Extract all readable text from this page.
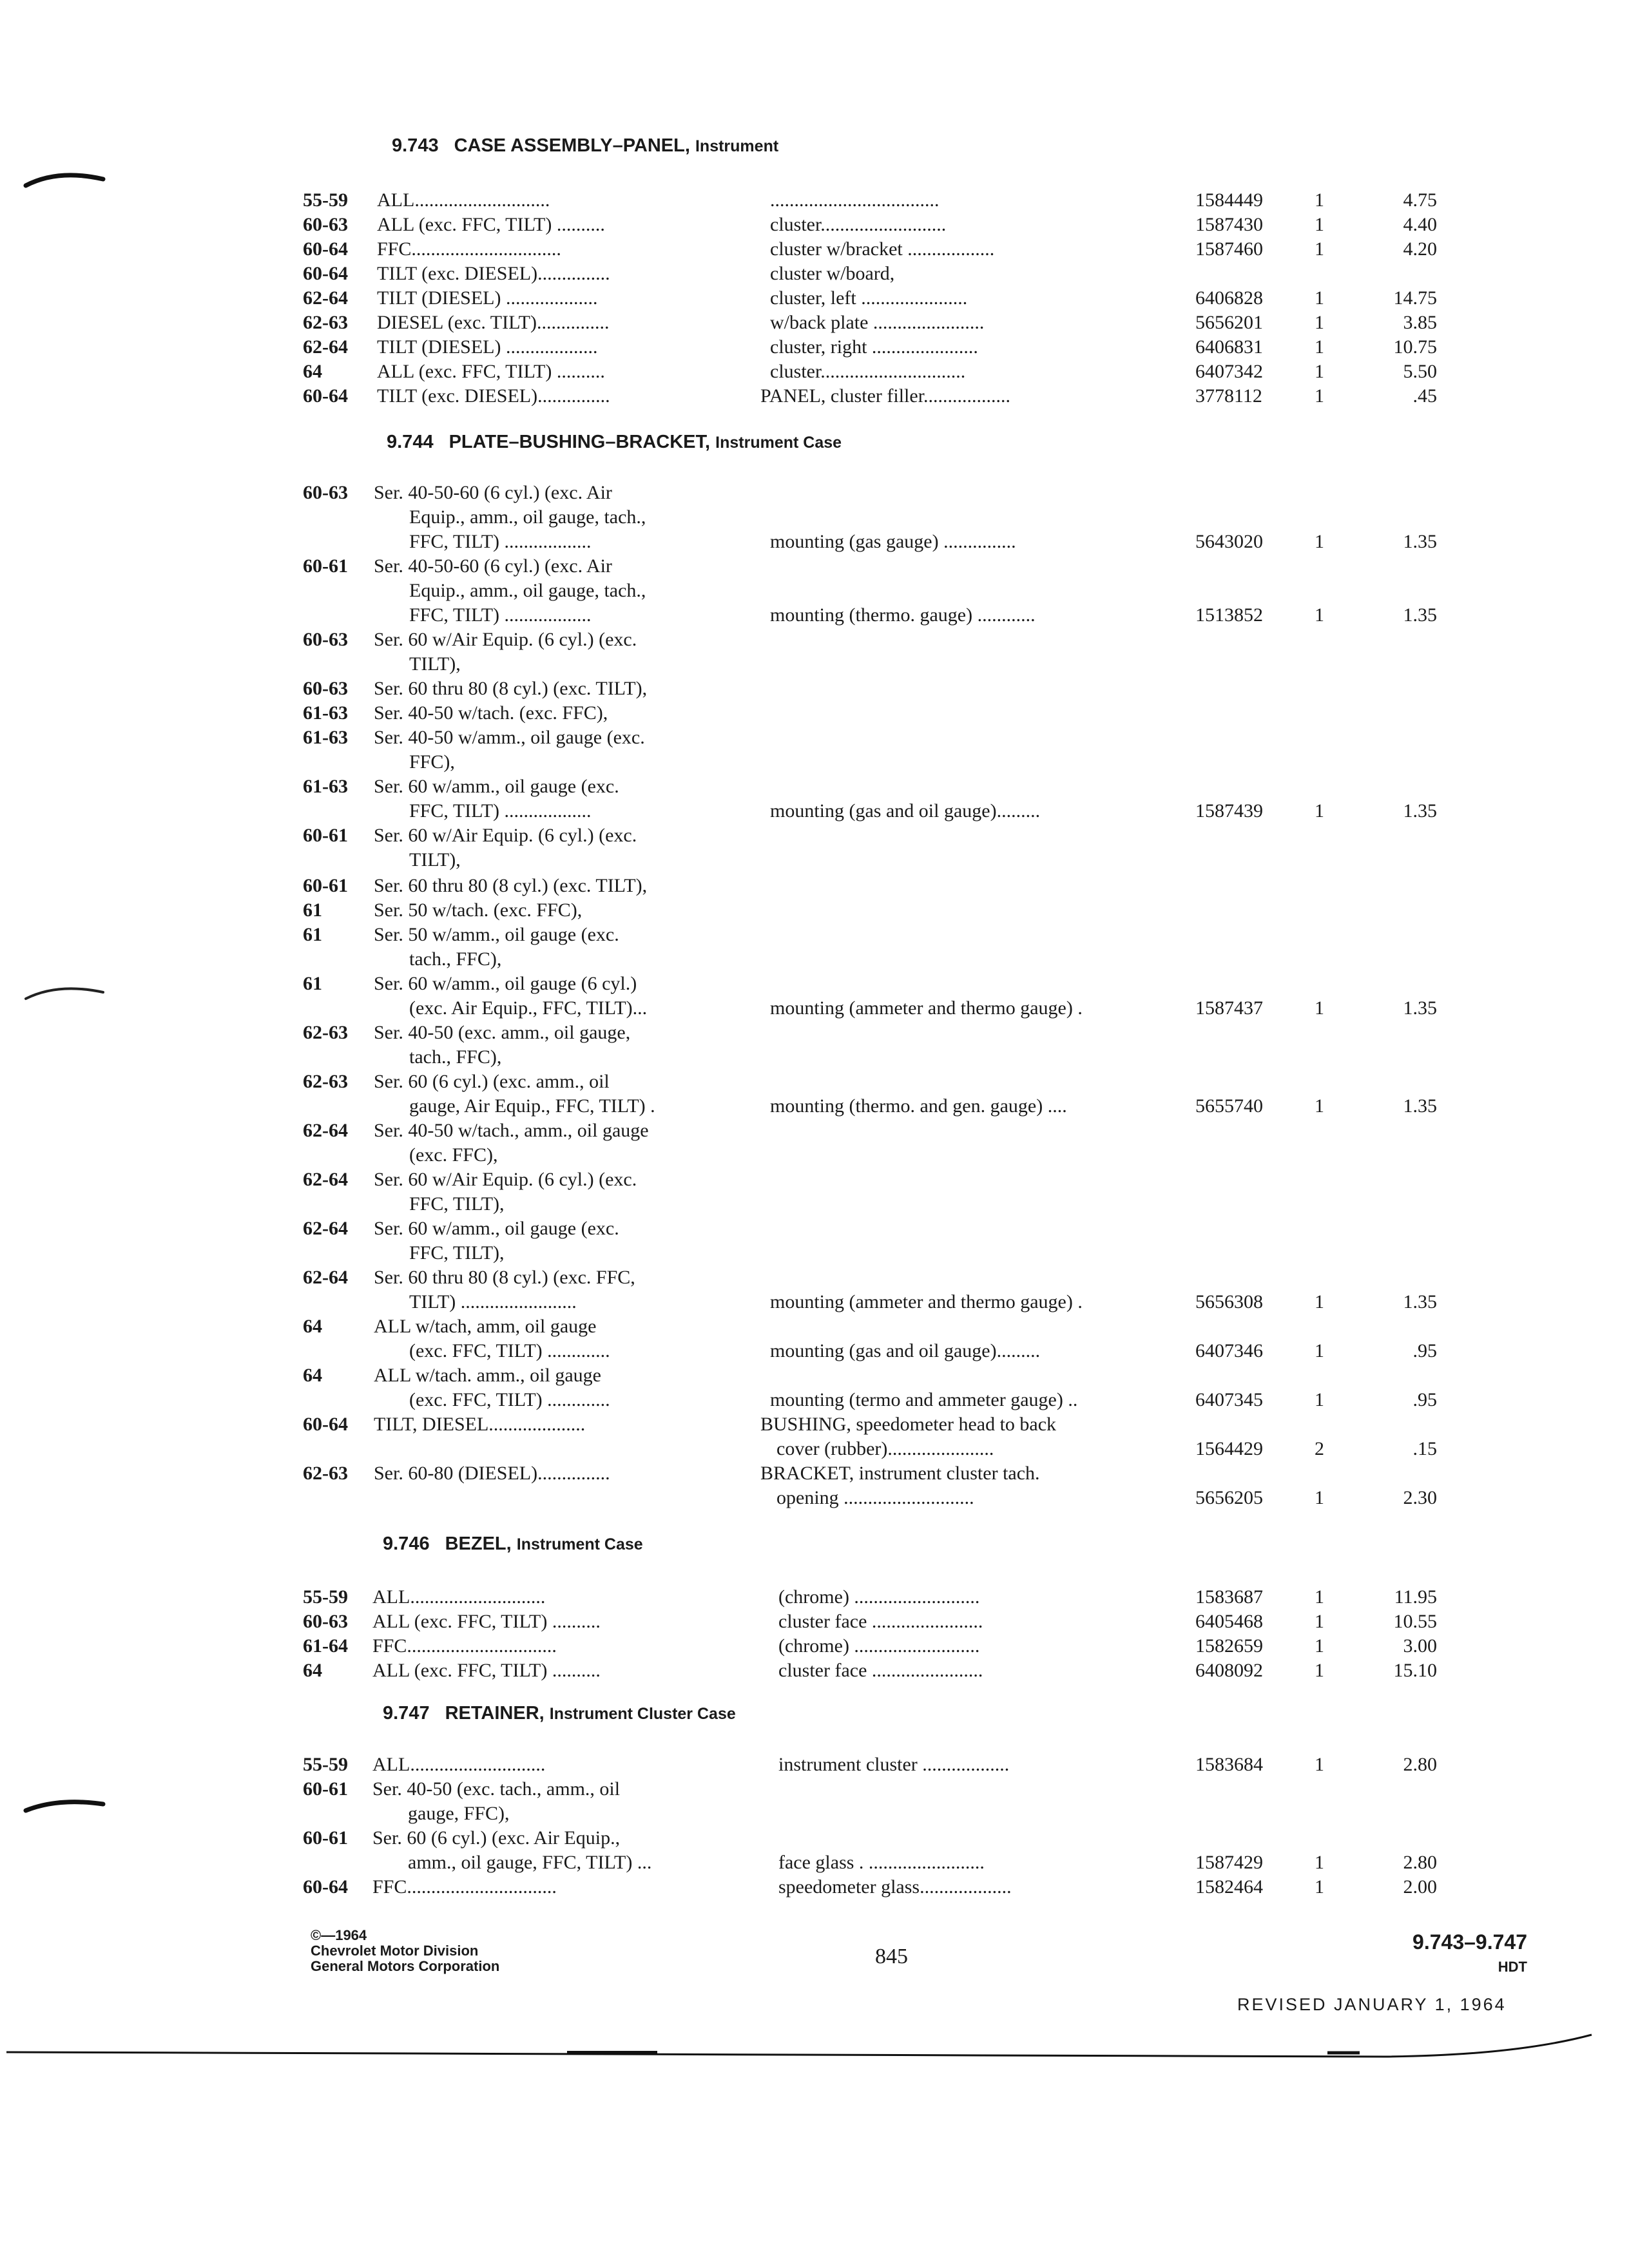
9.743 CASE ASSEMBLY–PANEL, Instrument
55-59 ALL............................	...................................	1584449	1	4.75
60-63 ALL (exc. FFC, TILT) ..........	cluster..........................	1587430	1	4.40
60-64 FFC...............................	cluster w/bracket ..................	1587460	1	4.20
60-64 TILT (exc. DIESEL)...............	cluster w/board,
62-64 TILT (DIESEL) ...................	cluster, left ......................	6406828	1	14.75
62-63 DIESEL (exc. TILT)...............	w/back plate .......................	5656201	1	3.85
62-64 TILT (DIESEL) ...................	cluster, right ......................	6406831	1	10.75
64	ALL (exc. FFC, TILT) ..........	cluster..............................	6407342	1	5.50
60-64 TILT (exc. DIESEL)...............	PANEL, cluster filler..................	3778112	1	.45
9.744 PLATE–BUSHING–BRACKET, Instrument Case
60-63 Ser. 40-50-60 (6 cyl.) (exc. Air
Equip., amm., oil gauge, tach.,
FFC, TILT) ..................	mounting (gas gauge) ...............	5643020	1	1.35
60-61 Ser. 40-50-60 (6 cyl.) (exc. Air
Equip., amm., oil gauge, tach.,
FFC, TILT) ..................	mounting (thermo. gauge) ............	1513852	1	1.35
60-63 Ser. 60 w/Air Equip. (6 cyl.) (exc.
TILT),
60-63 Ser. 60 thru 80 (8 cyl.) (exc. TILT),
61-63 Ser. 40-50 w/tach. (exc. FFC),
61-63 Ser. 40-50 w/amm., oil gauge (exc.
FFC),
61-63 Ser. 60 w/amm., oil gauge (exc.
FFC, TILT) ..................	mounting (gas and oil gauge).........	1587439	1	1.35
60-61 Ser. 60 w/Air Equip. (6 cyl.) (exc.
TILT),
60-61 Ser. 60 thru 80 (8 cyl.) (exc. TILT),
61	Ser. 50 w/tach. (exc. FFC),
61	Ser. 50 w/amm., oil gauge (exc.
tach., FFC),
61	Ser. 60 w/amm., oil gauge (6 cyl.)
(exc. Air Equip., FFC, TILT)...	mounting (ammeter and thermo gauge) .	1587437	1	1.35
62-63 Ser. 40-50 (exc. amm., oil gauge,
tach., FFC),
62-63 Ser. 60 (6 cyl.) (exc. amm., oil
gauge, Air Equip., FFC, TILT) .	mounting (thermo. and gen. gauge) ....	5655740	1	1.35
62-64 Ser. 40-50 w/tach., amm., oil gauge
(exc. FFC),
62-64 Ser. 60 w/Air Equip. (6 cyl.) (exc.
FFC, TILT),
62-64 Ser. 60 w/amm., oil gauge (exc.
FFC, TILT),
62-64 Ser. 60 thru 80 (8 cyl.) (exc. FFC,
TILT) ........................	mounting (ammeter and thermo gauge) .	5656308	1	1.35
64	ALL w/tach, amm, oil gauge
(exc. FFC, TILT) .............	mounting (gas and oil gauge).........	6407346	1	.95
64	ALL w/tach. amm., oil gauge
(exc. FFC, TILT) .............	mounting (termo and ammeter gauge) ..	6407345	1	.95
60-64 TILT, DIESEL....................	BUSHING, speedometer head to back
cover (rubber)......................	1564429	2	.15
62-63 Ser. 60-80 (DIESEL)...............	BRACKET, instrument cluster tach.
opening ...........................	5656205	1	2.30
9.746 BEZEL, Instrument Case
55-59 ALL............................	(chrome) ..........................	1583687	1	11.95
60-63 ALL (exc. FFC, TILT) ..........	cluster face .......................	6405468	1	10.55
61-64 FFC...............................	(chrome) ..........................	1582659	1	3.00
64	ALL (exc. FFC, TILT) ..........	cluster face .......................	6408092	1	15.10
9.747 RETAINER, Instrument Cluster Case
55-59 ALL............................	instrument cluster ..................	1583684	1	2.80
60-61 Ser. 40-50 (exc. tach., amm., oil
gauge, FFC),
60-61 Ser. 60 (6 cyl.) (exc. Air Equip.,
amm., oil gauge, FFC, TILT) ...	face glass . ........................	1587429	1	2.80
60-64 FFC...............................	speedometer glass...................	1582464	1	2.00
©—1964
Chevrolet Motor Division
General Motors Corporation	845
9.743–9.747
HDT
REVISED JANUARY 1, 1964
